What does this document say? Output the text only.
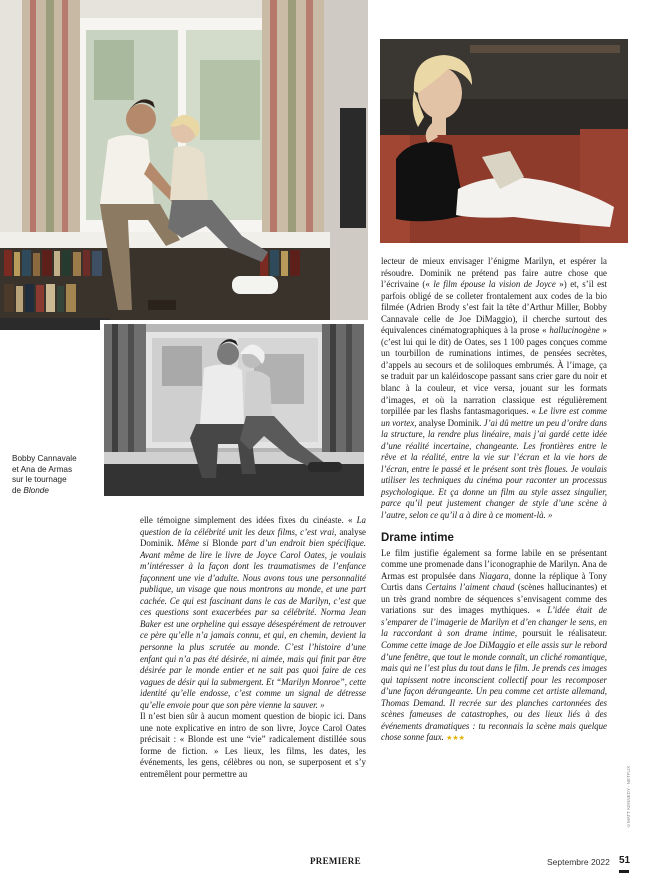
Bobby Cannavale
et Ana de Armas
sur le tournage
de Blonde

elle témoigne simplement des idées fixes du cinéaste. « La question de la célébrité unit les deux films, c’est vrai, analyse Dominik. Même si Blonde part d’un endroit bien spécifique. Avant même de lire le livre de Joyce Carol Oates, je voulais m’intéresser à la façon dont les traumatismes de l’enfance façonnent une vie d’adulte. Nous avons tous une personnalité publique, un visage que nous montrons au monde, et une part cachée. Ce qui est fascinant dans le cas de Marilyn, c’est que ces questions sont exacerbées par sa célébrité. Norma Jean Baker est une orpheline qui essaye désespérément de retrouver ce père qu’elle n’a jamais connu, et qui, en chemin, devient la personne la plus scrutée au monde. C’est l’histoire d’une enfant qui n’a pas été désirée, ni aimée, mais qui finit par être désirée par le monde entier et ne sait pas quoi faire de ces vagues de désir qui la submergent. Et “Marilyn Monroe”, cette identité qu’elle endosse, c’est comme un signal de détresse qu’elle envoie pour que son père vienne la sauver. »

Il n’est bien sûr à aucun moment question de biopic ici. Dans une note explicative en intro de son livre, Joyce Carol Oates précisait : « Blonde est une “vie” radicalement distillée sous forme de fiction. » Les lieux, les films, les dates, les événements, les gens, célèbres ou non, se superposent et s’y entremêlent pour permettre au

lecteur de mieux envisager l’énigme Marilyn, et espérer la résoudre. Dominik ne prétend pas faire autre chose que l’écrivaine (« le film épouse la vision de Joyce ») et, s’il est parfois obligé de se colleter frontalement aux codes de la bio filmée (Adrien Brody s’est fait la tête d’Arthur Miller, Bobby Cannavale celle de Joe DiMaggio), il cherche surtout des équivalences cinématographiques à la prose « hallucinogène » (c’est lui qui le dit) de Oates, ses 1 100 pages conçues comme un tourbillon de ruminations intimes, de pensées secrètes, d’appels au secours et de soliloques embrumés. À l’image, ça se traduit par un kaléidoscope passant sans crier gare du noir et blanc à la couleur, et vice versa, jouant sur les formats d’images, et où la narration classique est régulièrement torpillée par les flashs fantasmagoriques. « Le livre est comme un vortex, analyse Dominik. J’ai dû mettre un peu d’ordre dans la structure, la rendre plus linéaire, mais j’ai gardé cette idée d’une réalité incertaine, changeante. Les frontières entre le rêve et la réalité, entre la vie sur l’écran et la vie hors de l’écran, entre le passé et le présent sont très floues. Je voulais utiliser les techniques du cinéma pour raconter un processus psychologique. Et ça donne un film au style assez singulier, parce qu’il peut justement changer de style d’une scène à l’autre, selon ce qu’il a à dire à ce moment-là. »

Drame intime

Le film justifie également sa forme labile en se présentant comme une promenade dans l’iconographie de Marilyn. Ana de Armas est propulsée dans Niagara, donne la réplique à Tony Curtis dans Certains l’aiment chaud (scènes hallucinantes) et un très grand nombre de séquences s’envisagent comme des variations sur des images mythiques. « L’idée était de s’emparer de l’imagerie de Marilyn et d’en changer le sens, en la raccordant à son drame intime, poursuit le réalisateur. Comme cette image de Joe DiMaggio et elle assis sur le rebord d’une fenêtre, que tout le monde connaît, un cliché romantique, mais qui ne l’est plus du tout dans le film. Je prends ces images qui tapissent notre inconscient collectif pour les recomposer d’une façon dérangeante. Un peu comme cet artiste allemand, Thomas Demand. Il recrée sur des planches cartonnées des scènes fameuses de catastrophes, ou des lieux liés à des événements dramatiques : tu reconnais la scène mais quelque chose sonne faux. ★★★

©MATT KENNEDY - NETFLIX
PREMIERE	Septembre 2022 51
